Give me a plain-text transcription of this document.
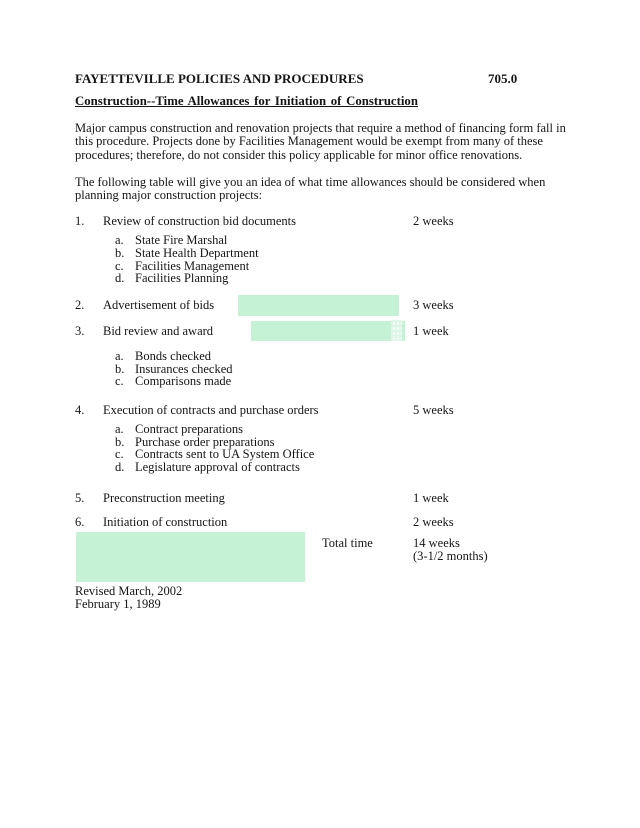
FAYETTEVILLE POLICIES AND PROCEDURES	705.0
Construction--Time Allowances for Initiation of Construction
Major campus construction and renovation projects that require a method of financing form fall in this procedure. Projects done by Facilities Management would be exempt from many of these procedures; therefore, do not consider this policy applicable for minor office renovations.
The following table will give you an idea of what time allowances should be considered when planning major construction projects:
1.	Review of construction bid documents	2 weeks
a. State Fire Marshal
b. State Health Department
c. Facilities Management
d. Facilities Planning
2.	Advertisement of bids	3 weeks
3.	Bid review and award	1 week
a. Bonds checked
b. Insurances checked
c. Comparisons made
4.	Execution of contracts and purchase orders	5 weeks
a. Contract preparations
b. Purchase order preparations
c. Contracts sent to UA System Office
d. Legislature approval of contracts
5.	Preconstruction meeting	1 week
6.	Initiation of construction	2 weeks
Total time	14 weeks
(3-1/2 months)
Revised March, 2002
February 1, 1989
